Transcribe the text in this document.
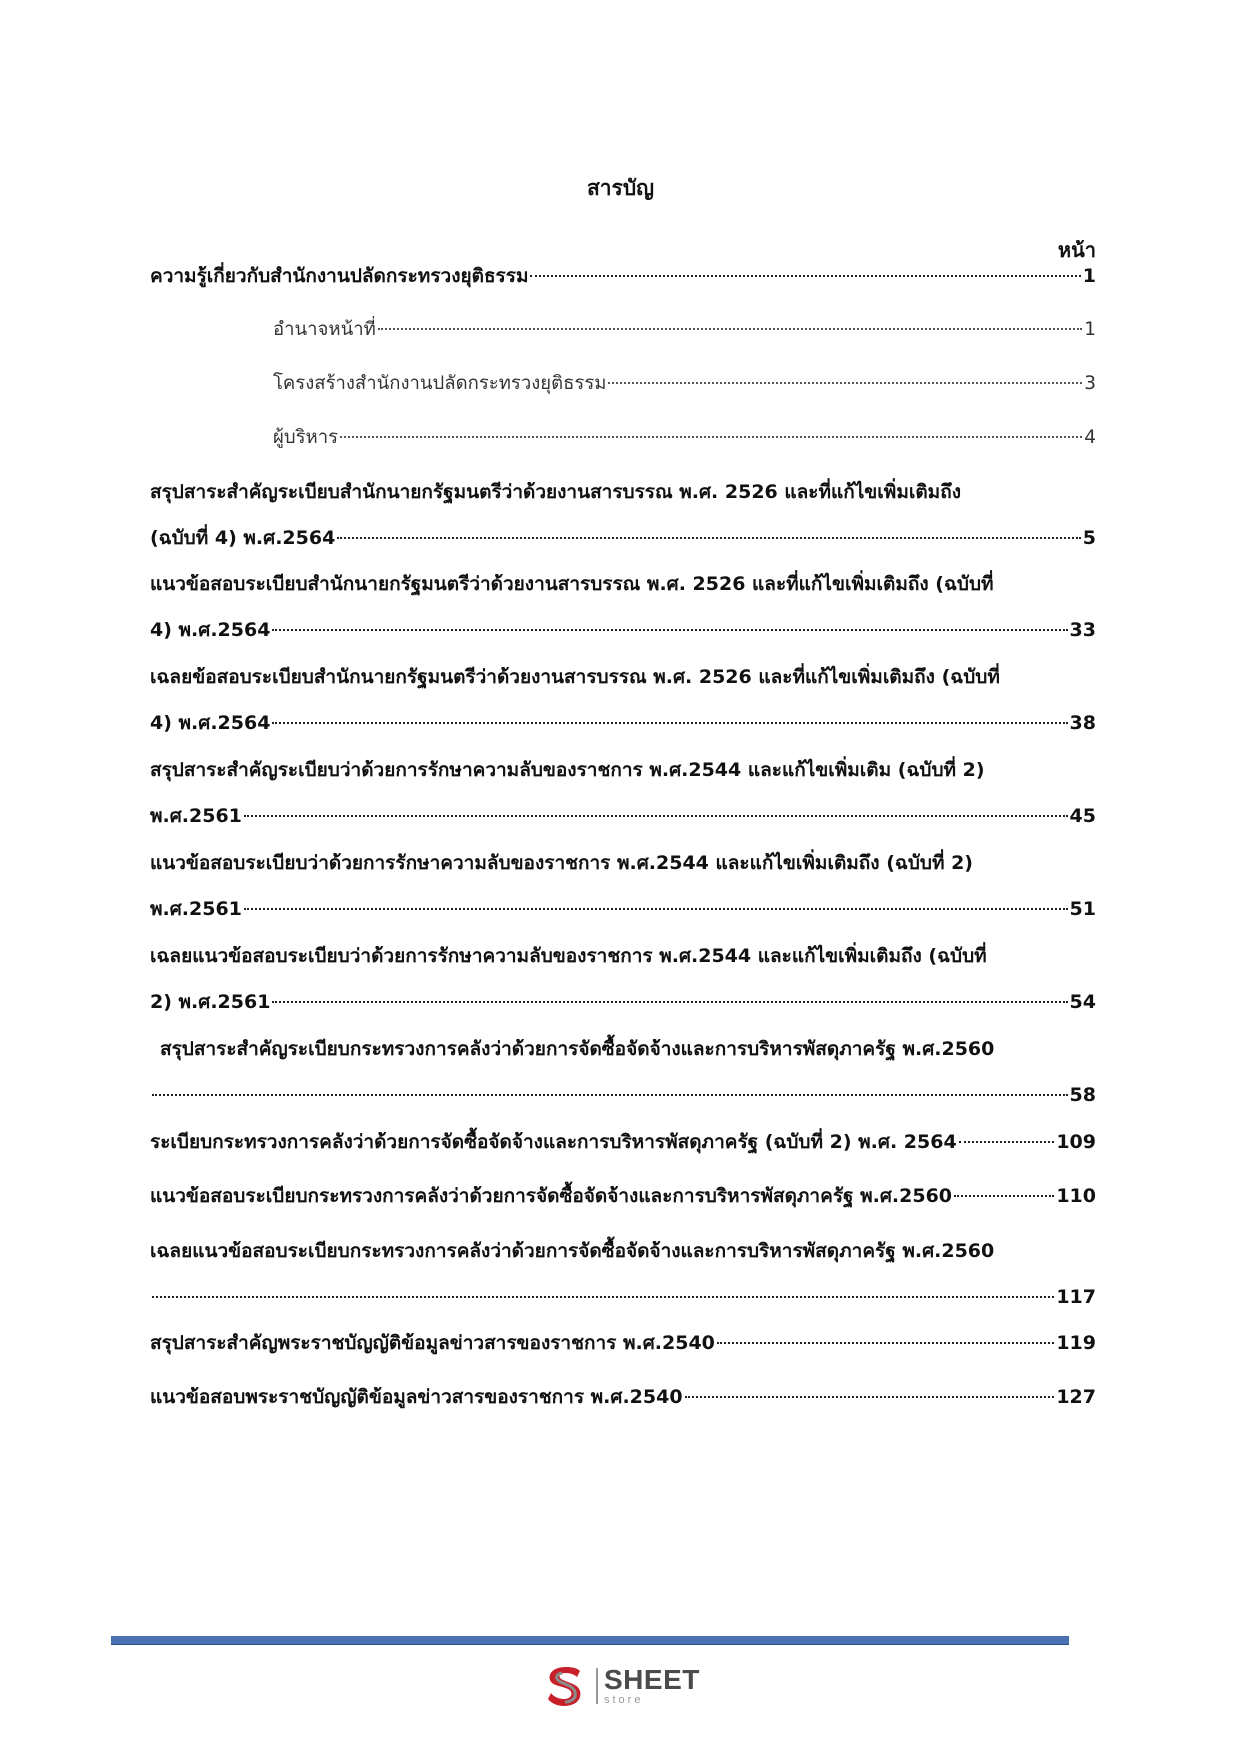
สารบัญ
หน้า
ความรู้เกี่ยวกับสำนักงานปลัดกระทรวงยุติธรรม	1
อำนาจหน้าที่	1
โครงสร้างสำนักงานปลัดกระทรวงยุติธรรม	3
ผู้บริหาร	4
สรุปสาระสำคัญระเบียบสำนักนายกรัฐมนตรีว่าด้วยงานสารบรรณ พ.ศ. 2526 และที่แก้ไขเพิ่มเติมถึง
(ฉบับที่ 4) พ.ศ.2564	5
แนวข้อสอบระเบียบสำนักนายกรัฐมนตรีว่าด้วยงานสารบรรณ พ.ศ. 2526 และที่แก้ไขเพิ่มเติมถึง (ฉบับที่
4) พ.ศ.2564	33
เฉลยข้อสอบระเบียบสำนักนายกรัฐมนตรีว่าด้วยงานสารบรรณ พ.ศ. 2526 และที่แก้ไขเพิ่มเติมถึง (ฉบับที่
4) พ.ศ.2564	38
สรุปสาระสำคัญระเบียบว่าด้วยการรักษาความลับของราชการ พ.ศ.2544 และแก้ไขเพิ่มเติม (ฉบับที่ 2)
พ.ศ.2561	45
แนวข้อสอบระเบียบว่าด้วยการรักษาความลับของราชการ พ.ศ.2544 และแก้ไขเพิ่มเติมถึง (ฉบับที่ 2)
พ.ศ.2561	51
เฉลยแนวข้อสอบระเบียบว่าด้วยการรักษาความลับของราชการ พ.ศ.2544 และแก้ไขเพิ่มเติมถึง (ฉบับที่
2) พ.ศ.2561	54
สรุปสาระสำคัญระเบียบกระทรวงการคลังว่าด้วยการจัดซื้อจัดจ้างและการบริหารพัสดุภาครัฐ พ.ศ.2560
58
ระเบียบกระทรวงการคลังว่าด้วยการจัดซื้อจัดจ้างและการบริหารพัสดุภาครัฐ (ฉบับที่ 2) พ.ศ. 2564	109
แนวข้อสอบระเบียบกระทรวงการคลังว่าด้วยการจัดซื้อจัดจ้างและการบริหารพัสดุภาครัฐ พ.ศ.2560	110
เฉลยแนวข้อสอบระเบียบกระทรวงการคลังว่าด้วยการจัดซื้อจัดจ้างและการบริหารพัสดุภาครัฐ พ.ศ.2560
117
สรุปสาระสำคัญพระราชบัญญัติข้อมูลข่าวสารของราชการ พ.ศ.2540	119
แนวข้อสอบพระราชบัญญัติข้อมูลข่าวสารของราชการ พ.ศ.2540	127
SHEET
store
